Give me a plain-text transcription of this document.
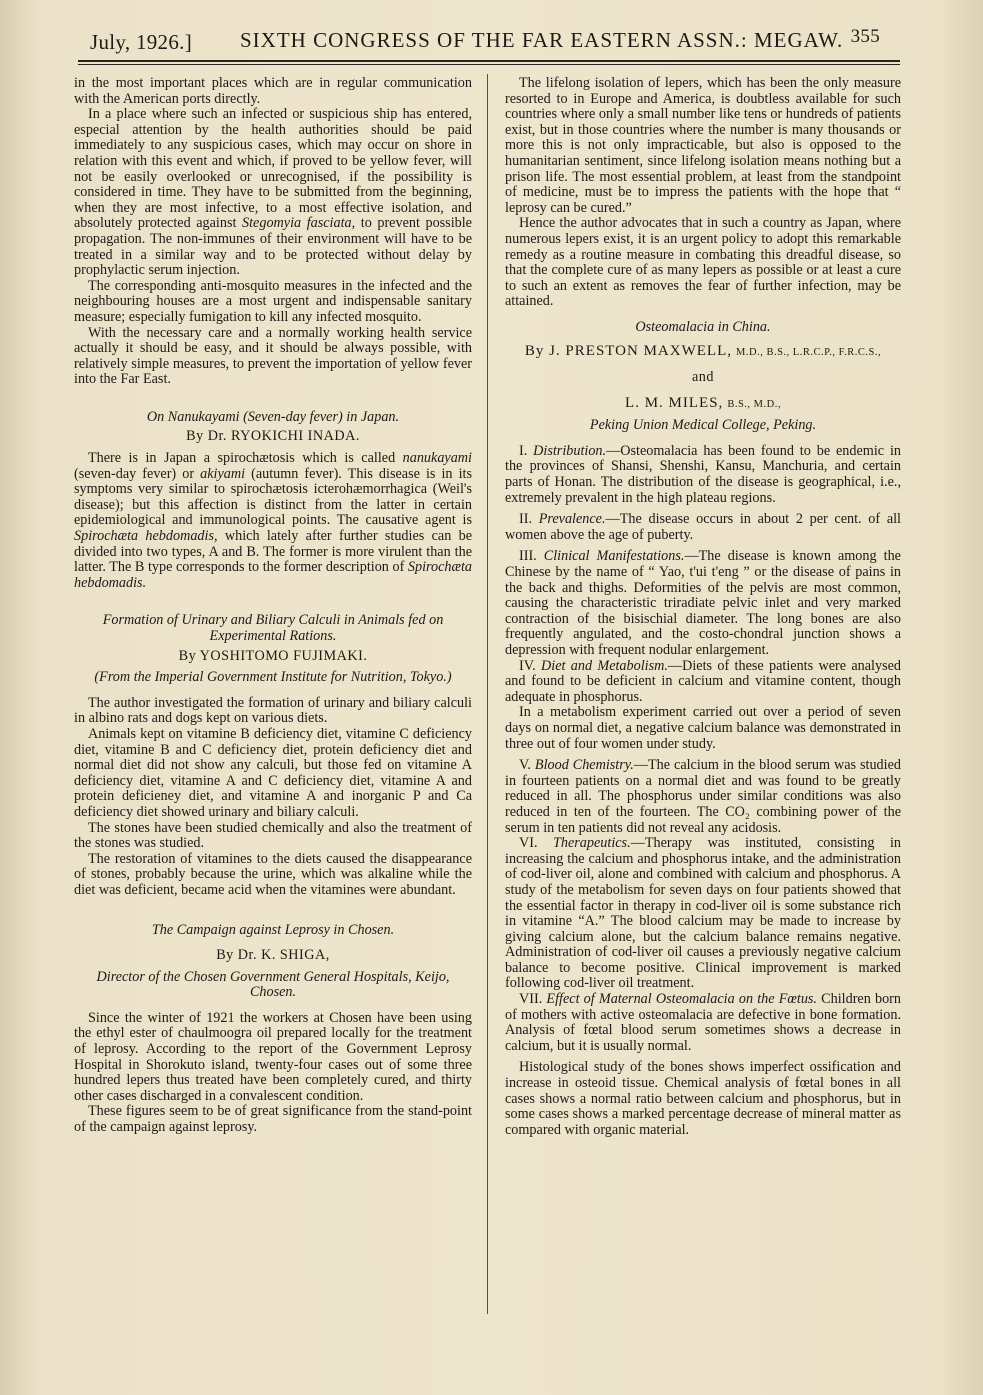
July, 1926.] SIXTH CONGRESS OF THE FAR EASTERN ASSN.: MEGAW. 355

in the most important places which are in regular communication with the American ports directly.

In a place where such an infected or suspicious ship has entered, especial attention by the health authorities should be paid immediately to any suspicious cases, which may occur on shore in relation with this event and which, if proved to be yellow fever, will not be easily overlooked or unrecognised, if the possibility is considered in time. They have to be submitted from the beginning, when they are most infective, to a most effective isolation, and absolutely protected against Stegomyia fasciata, to prevent possible propagation. The non-immunes of their environment will have to be treated in a similar way and to be protected without delay by prophylactic serum injection.

The corresponding anti-mosquito measures in the infected and the neighbouring houses are a most urgent and indispensable sanitary measure; especially fumigation to kill any infected mosquito.

With the necessary care and a normally working health service actually it should be easy, and it should be always possible, with relatively simple measures, to prevent the importation of yellow fever into the Far East.

On Nanukayami (Seven-day fever) in Japan.

By Dr. RYOKICHI INADA.

There is in Japan a spirochætosis which is called nanukayami (seven-day fever) or akiyami (autumn fever). This disease is in its symptoms very similar to spirochætosis icterohæmorrhagica (Weil's disease); but this affection is distinct from the latter in certain epidemiological and immunological points. The causative agent is Spirochæta hebdomadis, which lately after further studies can be divided into two types, A and B. The former is more virulent than the latter. The B type corresponds to the former description of Spirochæta hebdomadis.

Formation of Urinary and Biliary Calculi in Animals fed on Experimental Rations.

By YOSHITOMO FUJIMAKI.

(From the Imperial Government Institute for Nutrition, Tokyo.)

The author investigated the formation of urinary and biliary calculi in albino rats and dogs kept on various diets.

Animals kept on vitamine B deficiency diet, vitamine C deficiency diet, vitamine B and C deficiency diet, protein deficiency diet and normal diet did not show any calculi, but those fed on vitamine A deficiency diet, vitamine A and C deficiency diet, vitamine A and protein deficieney diet, and vitamine A and inorganic P and Ca deficiency diet showed urinary and biliary calculi.

The stones have been studied chemically and also the treatment of the stones was studied.

The restoration of vitamines to the diets caused the disappearance of stones, probably because the urine, which was alkaline while the diet was deficient, became acid when the vitamines were abundant.

The Campaign against Leprosy in Chosen.

By Dr. K. SHIGA,

Director of the Chosen Government General Hospitals, Keijo, Chosen.

Since the winter of 1921 the workers at Chosen have been using the ethyl ester of chaulmoogra oil prepared locally for the treatment of leprosy. According to the report of the Government Leprosy Hospital in Shorokuto island, twenty-four cases out of some three hundred lepers thus treated have been completely cured, and thirty other cases discharged in a convalescent condition.

These figures seem to be of great significance from the stand-point of the campaign against leprosy.

The lifelong isolation of lepers, which has been the only measure resorted to in Europe and America, is doubtless available for such countries where only a small number like tens or hundreds of patients exist, but in those countries where the number is many thousands or more this is not only impracticable, but also is opposed to the humanitarian sentiment, since lifelong isolation means nothing but a prison life. The most essential problem, at least from the standpoint of medicine, must be to impress the patients with the hope that “ leprosy can be cured.”

Hence the author advocates that in such a country as Japan, where numerous lepers exist, it is an urgent policy to adopt this remarkable remedy as a routine measure in combating this dreadful disease, so that the complete cure of as many lepers as possible or at least a cure to such an extent as removes the fear of further infection, may be attained.

Osteomalacia in China.

By J. PRESTON MAXWELL, M.D., B.S., L.R.C.P., F.R.C.S.,

and

L. M. MILES, B.S., M.D.,

Peking Union Medical College, Peking.

I. Distribution.—Osteomalacia has been found to be endemic in the provinces of Shansi, Shenshi, Kansu, Manchuria, and certain parts of Honan. The distribution of the disease is geographical, i.e., extremely prevalent in the high plateau regions.

II. Prevalence.—The disease occurs in about 2 per cent. of all women above the age of puberty.

III. Clinical Manifestations.—The disease is known among the Chinese by the name of “ Yao, t'ui t'eng ” or the disease of pains in the back and thighs. Deformities of the pelvis are most common, causing the characteristic triradiate pelvic inlet and very marked contraction of the bisischial diameter. The long bones are also frequently angulated, and the costo-chondral junction shows a depression with frequent nodular enlargement.

IV. Diet and Metabolism.—Diets of these patients were analysed and found to be deficient in calcium and vitamine content, though adequate in phosphorus.

In a metabolism experiment carried out over a period of seven days on normal diet, a negative calcium balance was demonstrated in three out of four women under study.

V. Blood Chemistry.—The calcium in the blood serum was studied in fourteen patients on a normal diet and was found to be greatly reduced in all. The phosphorus under similar conditions was also reduced in ten of the fourteen. The CO₂ combining power of the serum in ten patients did not reveal any acidosis.

VI. Therapeutics.—Therapy was instituted, consisting in increasing the calcium and phosphorus intake, and the administration of cod-liver oil, alone and combined with calcium and phosphorus. A study of the metabolism for seven days on four patients showed that the essential factor in therapy in cod-liver oil is some substance rich in vitamine “A.” The blood calcium may be made to increase by giving calcium alone, but the calcium balance remains negative. Administration of cod-liver oil causes a previously negative calcium balance to become positive. Clinical improvement is marked following cod-liver oil treatment.

VII. Effect of Maternal Osteomalacia on the Fœtus. Children born of mothers with active osteomalacia are defective in bone formation. Analysis of fœtal blood serum sometimes shows a decrease in calcium, but it is usually normal.

Histological study of the bones shows imperfect ossification and increase in osteoid tissue. Chemical analysis of fœtal bones in all cases shows a normal ratio between calcium and phosphorus, but in some cases shows a marked percentage decrease of mineral matter as compared with organic material.
